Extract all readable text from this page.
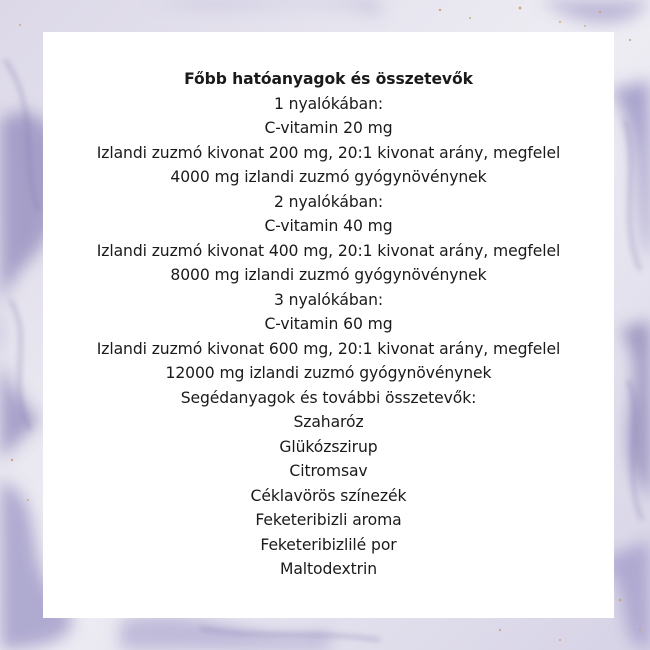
Főbb hatóanyagok és összetevők
1 nyalókában:
C-vitamin 20 mg
Izlandi zuzmó kivonat 200 mg, 20:1 kivonat arány, megfelel
4000 mg izlandi zuzmó gyógynövénynek
2 nyalókában:
C-vitamin 40 mg
Izlandi zuzmó kivonat 400 mg, 20:1 kivonat arány, megfelel
8000 mg izlandi zuzmó gyógynövénynek
3 nyalókában:
C-vitamin 60 mg
Izlandi zuzmó kivonat 600 mg, 20:1 kivonat arány, megfelel
12000 mg izlandi zuzmó gyógynövénynek
Segédanyagok és további összetevők:
Szaharóz
Glükózszirup
Citromsav
Céklavörös színezék
Feketeribizli aroma
Feketeribizlilé por
Maltodextrin
